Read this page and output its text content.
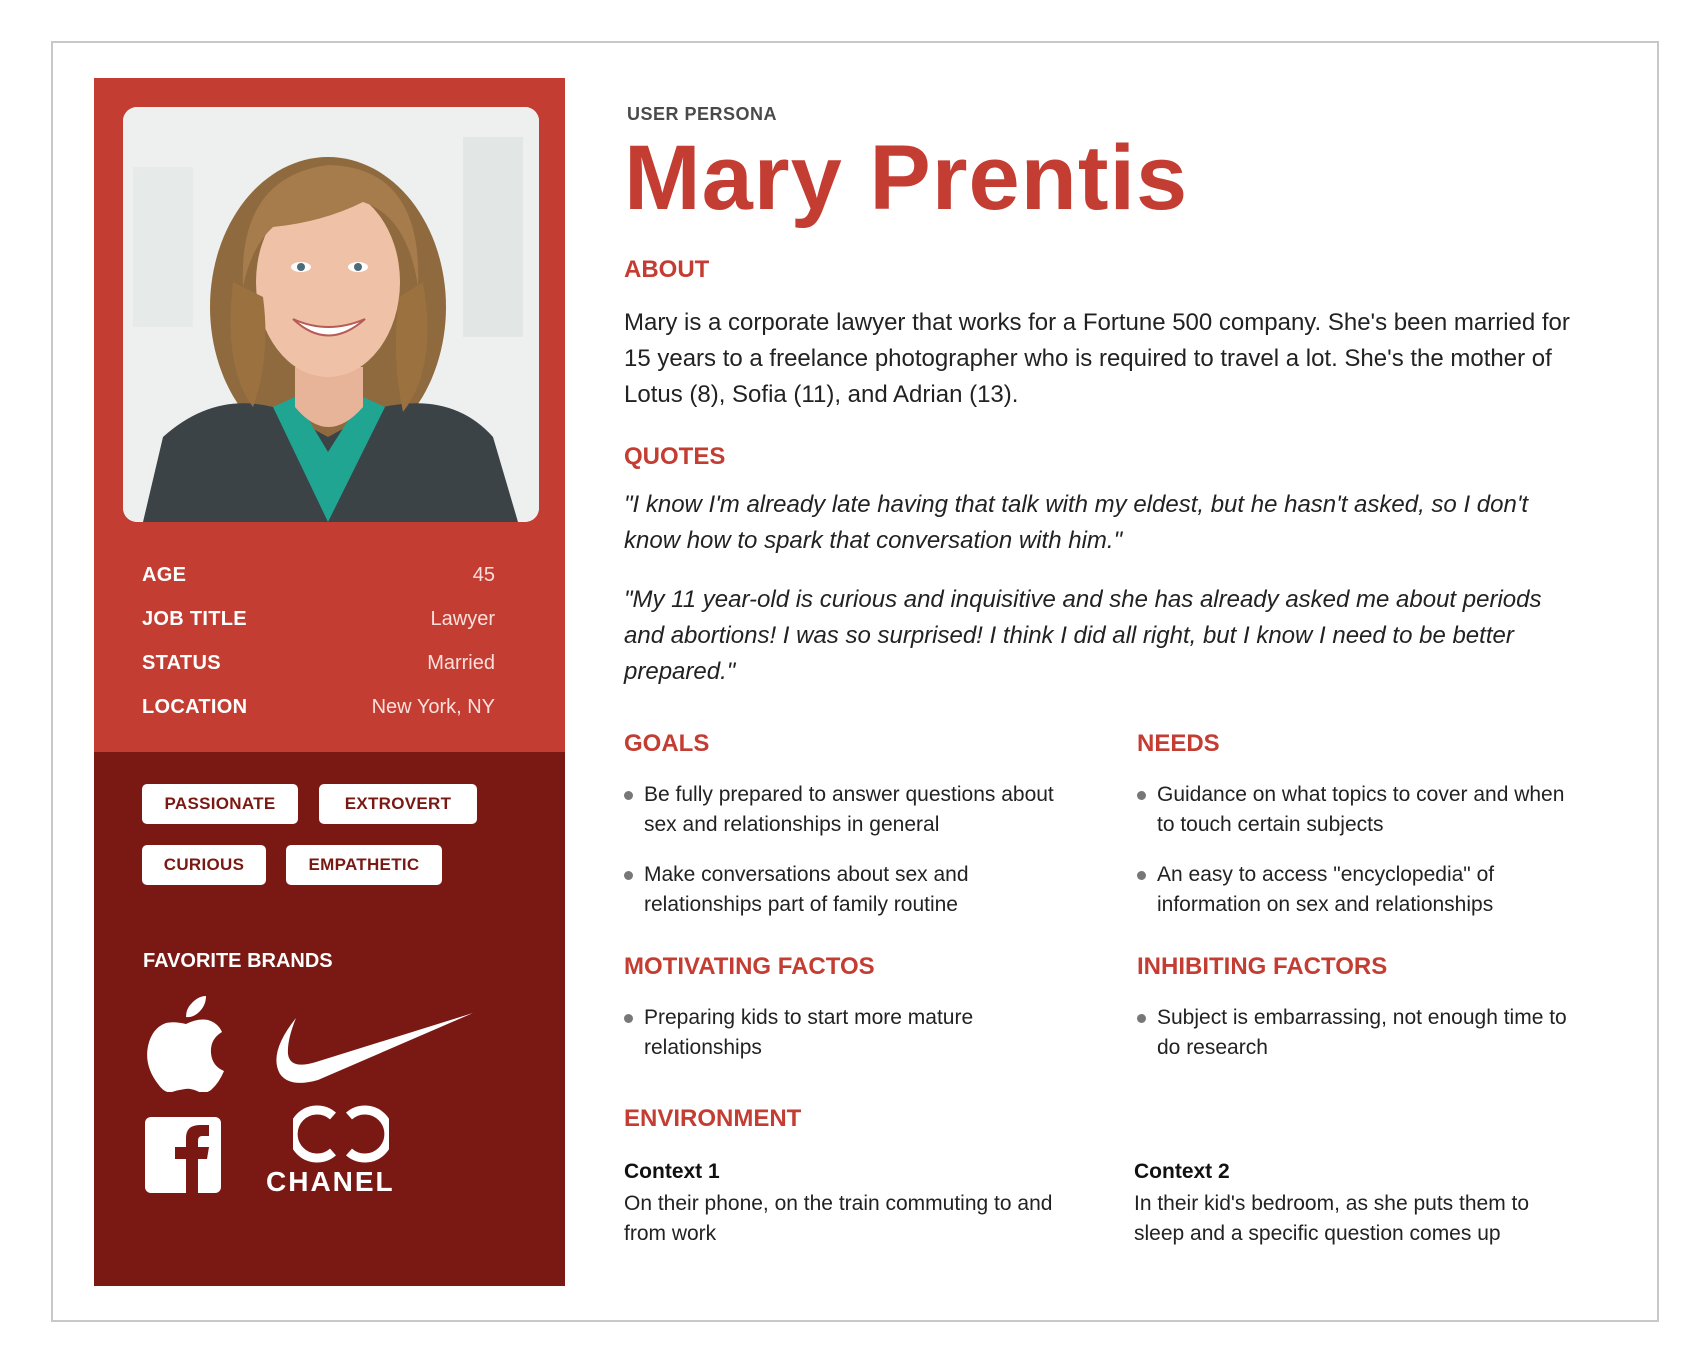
AGE	45
JOB TITLE	Lawyer
STATUS	Married
LOCATION	New York, NY
PASSIONATE	EXTROVERT
CURIOUS	EMPATHETIC
FAVORITE BRANDS
CHANEL
USER PERSONA
Mary Prentis
ABOUT
Mary is a corporate lawyer that works for a Fortune 500 company. She's been married for 15 years to a freelance photographer who is required to travel a lot. She's the mother of Lotus (8), Sofia (11), and Adrian (13).
QUOTES
"I know I'm already late having that talk with my eldest, but he hasn't asked, so I don't know how to spark that conversation with him."
"My 11 year-old is curious and inquisitive and she has already asked me about periods and abortions! I was so surprised! I think I did all right, but I know I need to be better prepared."
GOALS
Be fully prepared to answer questions about sex and relationships in general
Make conversations about sex and relationships part of family routine
NEEDS
Guidance on what topics to cover and when to touch certain subjects
An easy to access "encyclopedia" of information on sex and relationships
MOTIVATING FACTOS
Preparing kids to start more mature relationships
INHIBITING FACTORS
Subject is embarrassing, not enough time to do research
ENVIRONMENT
Context 1
On their phone, on the train commuting to and from work
Context 2
In their kid's bedroom, as she puts them to sleep and a specific question comes up
